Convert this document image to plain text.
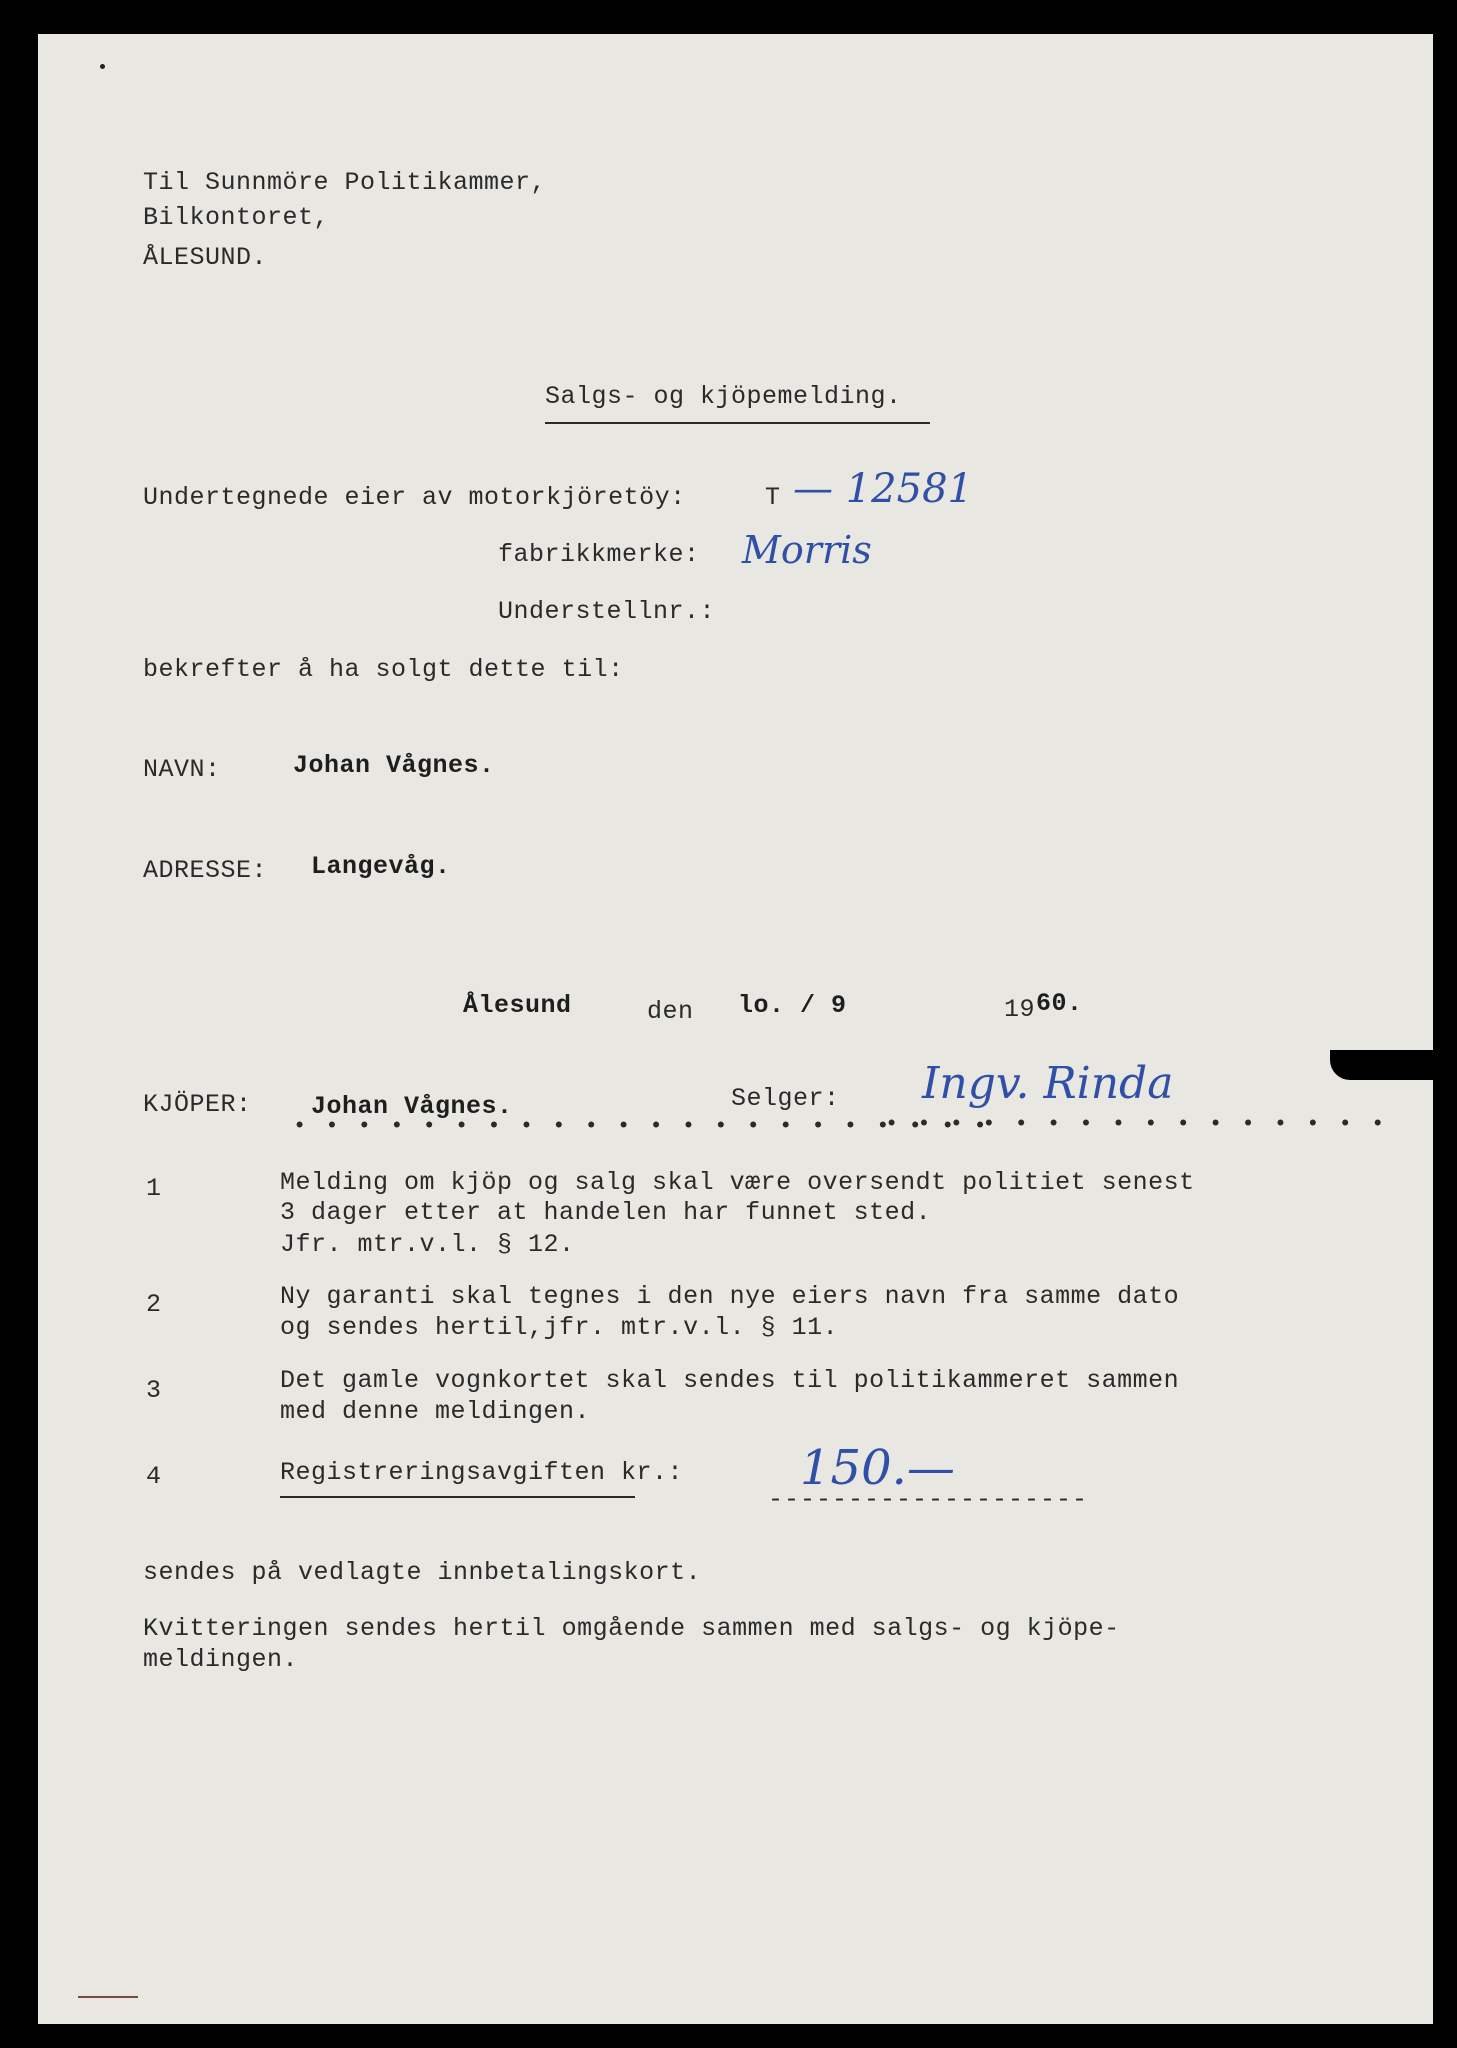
Til Sunnmöre Politikammer,
Bilkontoret,
ÅLESUND.
Salgs- og kjöpemelding.
Undertegnede eier av motorkjöretöy:	T — 12581
fabrikkmerke: Morris
Understellnr.:
bekrefter å ha solgt dette til:
NAVN:	Johan Vågnes.
ADRESSE: Langevåg.
Ålesund	den lo. / 9	19 60.
KJÖPER: Johan Vågnes.
• • • • • • • • • • • • • • • • • • • • • •
Selger: Ingv. Rinda
• • • • • • • • • • • • • • • •
1	Melding om kjöp og salg skal være oversendt politiet senest
3 dager etter at handelen har funnet sted.
Jfr. mtr.v.l. § 12.
2	Ny garanti skal tegnes i den nye eiers navn fra samme dato
og sendes hertil,jfr. mtr.v.l. § 11.
3	Det gamle vognkortet skal sendes til politikammeret sammen
med denne meldingen.
4	Registreringsavgiften kr.: 150.—
--------------------
sendes på vedlagte innbetalingskort.
Kvitteringen sendes hertil omgående sammen med salgs- og kjöpe-
meldingen.
